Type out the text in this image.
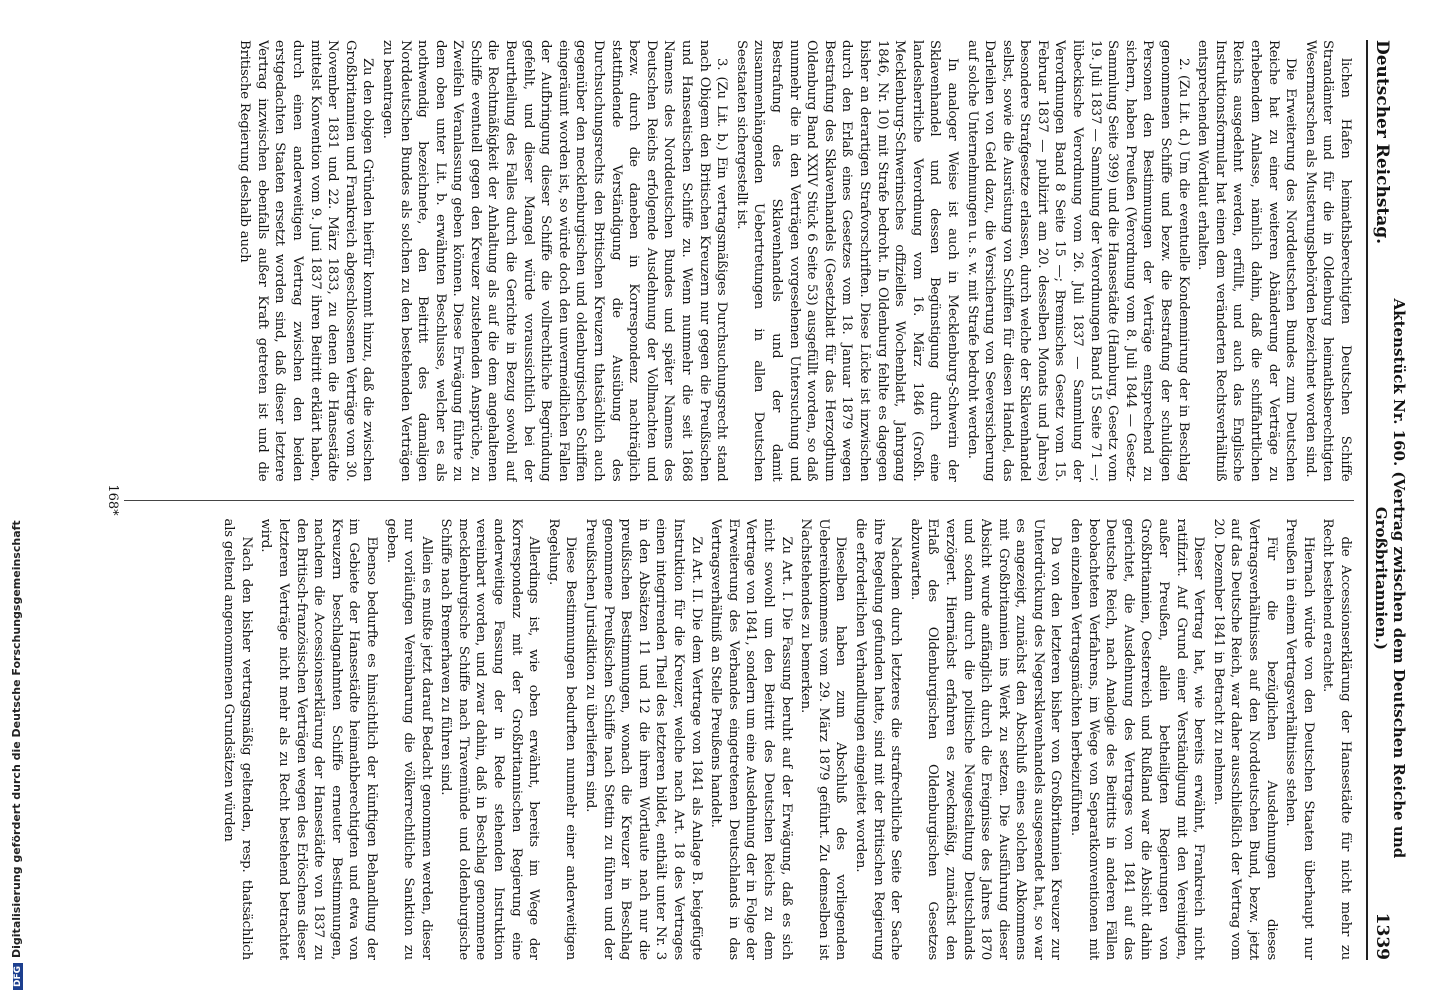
Deutscher Reichstag.
Aktenstück Nr. 160. (Vertrag zwischen dem Deutschen Reiche und Großbritannien.)
1339

lichen Hafen heimathsberechtigten Deutschen Schiffe Strandämter und für die in Oldenburg heimathsberechtigten Wesermarschen als Musterungsbehörden bezeichnet worden sind.

Die Erweiterung des Norddeutschen Bundes zum Deutschen Reiche hat zu einer weiteren Abänderung der Verträge zu erhebendem Anlasse, nämlich dahin, daß die schiffahrtlichen Reichs ausgedehnt werden, erfüllt, und auch das Englische Instruktionsformular hat einen dem veränderten Rechtsverhältniß entsprechenden Wortlaut erhalten.

2. (Zu Lit. d.) Um die eventuelle Kondemnirung der in Beschlag genommenen Schiffe und bezw. die Bestrafung der schuldigen Personen den Bestimmungen der Verträge entsprechend zu sichern, haben Preußen (Verordnung vom 8. Juli 1844 — Gesetz-Sammlung Seite 399) und die Hansestädte (Hamburg, Gesetz vom 19. Juli 1837 — Sammlung der Verordnungen Band 15 Seite 71 —; lübeckische Verordnung vom 26. Juli 1837 — Sammlung der Verordnungen Band 8 Seite 15 —; Bremisches Gesetz vom 15. Februar 1837 — publizirt am 20. desselben Monats und Jahres) besondere Strafgesetze erlassen, durch welche der Sklavenhandel selbst, sowie die Ausrüstung von Schiffen für diesen Handel, das Darleihen von Geld dazu, die Versicherung von Seeversicherung auf solche Unternehmungen u. s. w. mit Strafe bedroht werden.

In analoger Weise ist auch in Mecklenburg-Schwerin der Sklavenhandel und dessen Begünstigung durch eine landesherrliche Verordnung vom 16. März 1846 (Großh. Mecklenburg-Schwerinsches offizielles Wochenblatt, Jahrgang 1846, Nr. 10) mit Strafe bedroht. In Oldenburg fehlte es dagegen bisher an derartigen Strafvorschriften. Diese Lücke ist inzwischen durch den Erlaß eines Gesetzes vom 18. Januar 1879 wegen Bestrafung des Sklavenhandels (Gesetzblatt für das Herzogthum Oldenburg Band XXIV Stück 6 Seite 53) ausgefüllt worden, so daß nunmehr die in den Verträgen vorgesehenen Untersuchung und Bestrafung des Sklavenhandels und der damit zusammenhängenden Uebertretungen in allen Deutschen Seestaaten sichergestellt ist.

3. (Zu Lit. b.) Ein vertragsmäßiges Durchsuchungsrecht stand nach Obigem den Britischen Kreuzern nur gegen die Preußischen und Hanseatischen Schiffe zu. Wenn nunmehr die seit 1868 Namens des Norddeutschen Bundes und später Namens des Deutschen Reichs erfolgende Ausdehnung der Vollmachten und bezw. durch die daneben in Korrespondenz nachträglich stattfindende Verständigung die Ausübung des Durchsuchungsrechts den Britischen Kreuzern thatsächlich auch gegenüber den mecklenburgischen und oldenburgischen Schiffen eingeräumt worden ist, so würde doch den unvermeidlichen Fallen der Aufbringung dieser Schiffe die vollrechtliche Begründung gefehlt, und dieser Mangel würde voraussichtlich bei der Beurtheilung des Falles durch die Gerichte in Bezug sowohl auf die Rechtmäßigkeit der Anhaltung als auf die dem angehaltenen Schiffe eventuell gegen den Kreuzer zustehenden Ansprüche, zu Zweifeln Veranlassung geben können. Diese Erwägung führte zu dem oben unter Lit. b. erwähnten Beschlusse, welcher es als nothwendig bezeichnete, den Beitritt des damaligen Norddeutschen Bundes als solchen zu den bestehenden Verträgen zu beantragen.

Zu den obigen Gründen hierfür kommt hinzu, daß die zwischen Großbritannien und Frankreich abgeschlossenen Verträge vom 30. November 1831 und 22. März 1833, zu denen die Hansestädte mittelst Konvention vom 9. Juni 1837 ihren Beitritt erklärt haben, durch einen anderweitigen Vertrag zwischen den beiden erstgedachten Staaten ersetzt worden sind, daß dieser letztere Vertrag inzwischen ebenfalls außer Kraft getreten ist und die Britische Regierung deshalb auch

die Accessionserklärung der Hansestädte für nicht mehr zu Recht bestehend erachtet.

Hiernach würde von den Deutschen Staaten überhaupt nur Preußen in einem Vertragsverhältnisse stehen.

Für die bezüglichen Ausdehnungen dieses Vertragsverhältnisses auf den Norddeutschen Bund, bezw. jetzt auf das Deutsche Reich, war daher ausschließlich der Vertrag vom 20. Dezember 1841 in Betracht zu nehmen.

Dieser Vertrag hat, wie bereits erwähnt, Frankreich nicht ratifizirt. Auf Grund einer Verständigung mit den Vereinigten, außer Preußen, allein betheiligten Regierungen von Großbritannien, Oesterreich und Rußland war die Absicht dahin gerichtet, die Ausdehnung des Vertrages von 1841 auf das Deutsche Reich, nach Analogie des Beitritts in anderen Fällen beobachteten Verfahrens, im Wege von Separatkonventionen mit den einzelnen Vertragsmächten herbeizuführen.

Da von den letzteren bisher von Großbritannien Kreuzer zur Unterdrückung des Negersklavenhandels ausgesendet hat, so war es angezeigt, zunächst den Abschluß eines solchen Abkommens mit Großbritannien ins Werk zu setzen. Die Ausführung dieser Absicht wurde anfänglich durch die Ereignisse des Jahres 1870 und sodann durch die politische Neugestaltung Deutschlands verzögert. Hiernächst erfahren es zweckmäßig, zunächst den Erlaß des Oldenburgischen Oldenburgischen Gesetzes abzuwarten.

Nachdem durch letzteres die strafrechtliche Seite der Sache ihre Regelung gefunden hatte, sind mit der Britischen Regierung die erforderlichen Verhandlungen eingeleitet worden.

Dieselben haben zum Abschluß des vorliegenden Uebereinkommens vom 29. März 1879 geführt. Zu demselben ist Nachstehendes zu bemerken.

Zu Art. I. Die Fassung beruht auf der Erwägung, daß es sich nicht sowohl um den Beitritt des Deutschen Reichs zu dem Vertrage von 1841, sondern um eine Ausdehnung der in Folge der Erweiterung des Verbandes eingetretenen Deutschlands in das Vertragsverhältniß an Stelle Preußens handelt.

Zu Art. II. Die dem Vertrage von 1841 als Anlage B. beigefügte Instruktion für die Kreuzer, welche nach Art. 18 des Vertrages einen integrirenden Theil des letzteren bildet, enthält unter Nr. 3 in den Absätzen 11 und 12 die ihrem Wortlaute nach nur die preußischen Bestimmungen, wonach die Kreuzer in Beschlag genommene Preußischen Schiffe nach Stettin zu führen und der Preußischen Jurisdiktion zu überliefern sind.

Diese Bestimmungen bedurften nunmehr einer anderweitigen Regelung.

Allerdings ist, wie oben erwähnt, bereits im Wege der Korrespondenz mit der Großbritannischen Regierung eine anderweitige Fassung der in Rede stehenden Instruktion vereinbart worden, und zwar dahin, daß in Beschlag genommene mecklenburgische Schiffe nach Travemünde und oldenburgische Schiffe nach Bremerhaven zu führen sind.

Allein es mußte jetzt darauf Bedacht genommen werden, dieser nur vorläufigen Vereinbarung die völkerrechtliche Sanktion zu geben.

Ebenso bedurfte es hinsichtlich der künftigen Behandlung der im Gebiete der Hansestädte heimathberechtigten und etwa von Kreuzern beschlagnahmten Schiffe erneuter Bestimmungen, nachdem die Accessionserklärung der Hansestädte von 1837 zu den Britisch-französischen Verträgen wegen des Erlöschens dieser letzteren Verträge nicht mehr als zu Recht bestehend betrachtet wird.

Nach den bisher vertragsmäßig geltenden, resp. thatsächlich als geltend angenommenen Grundsätzen würden

168*
DFGDigitalisierung gefördert durch die Deutsche Forschungsgemeinschaft
